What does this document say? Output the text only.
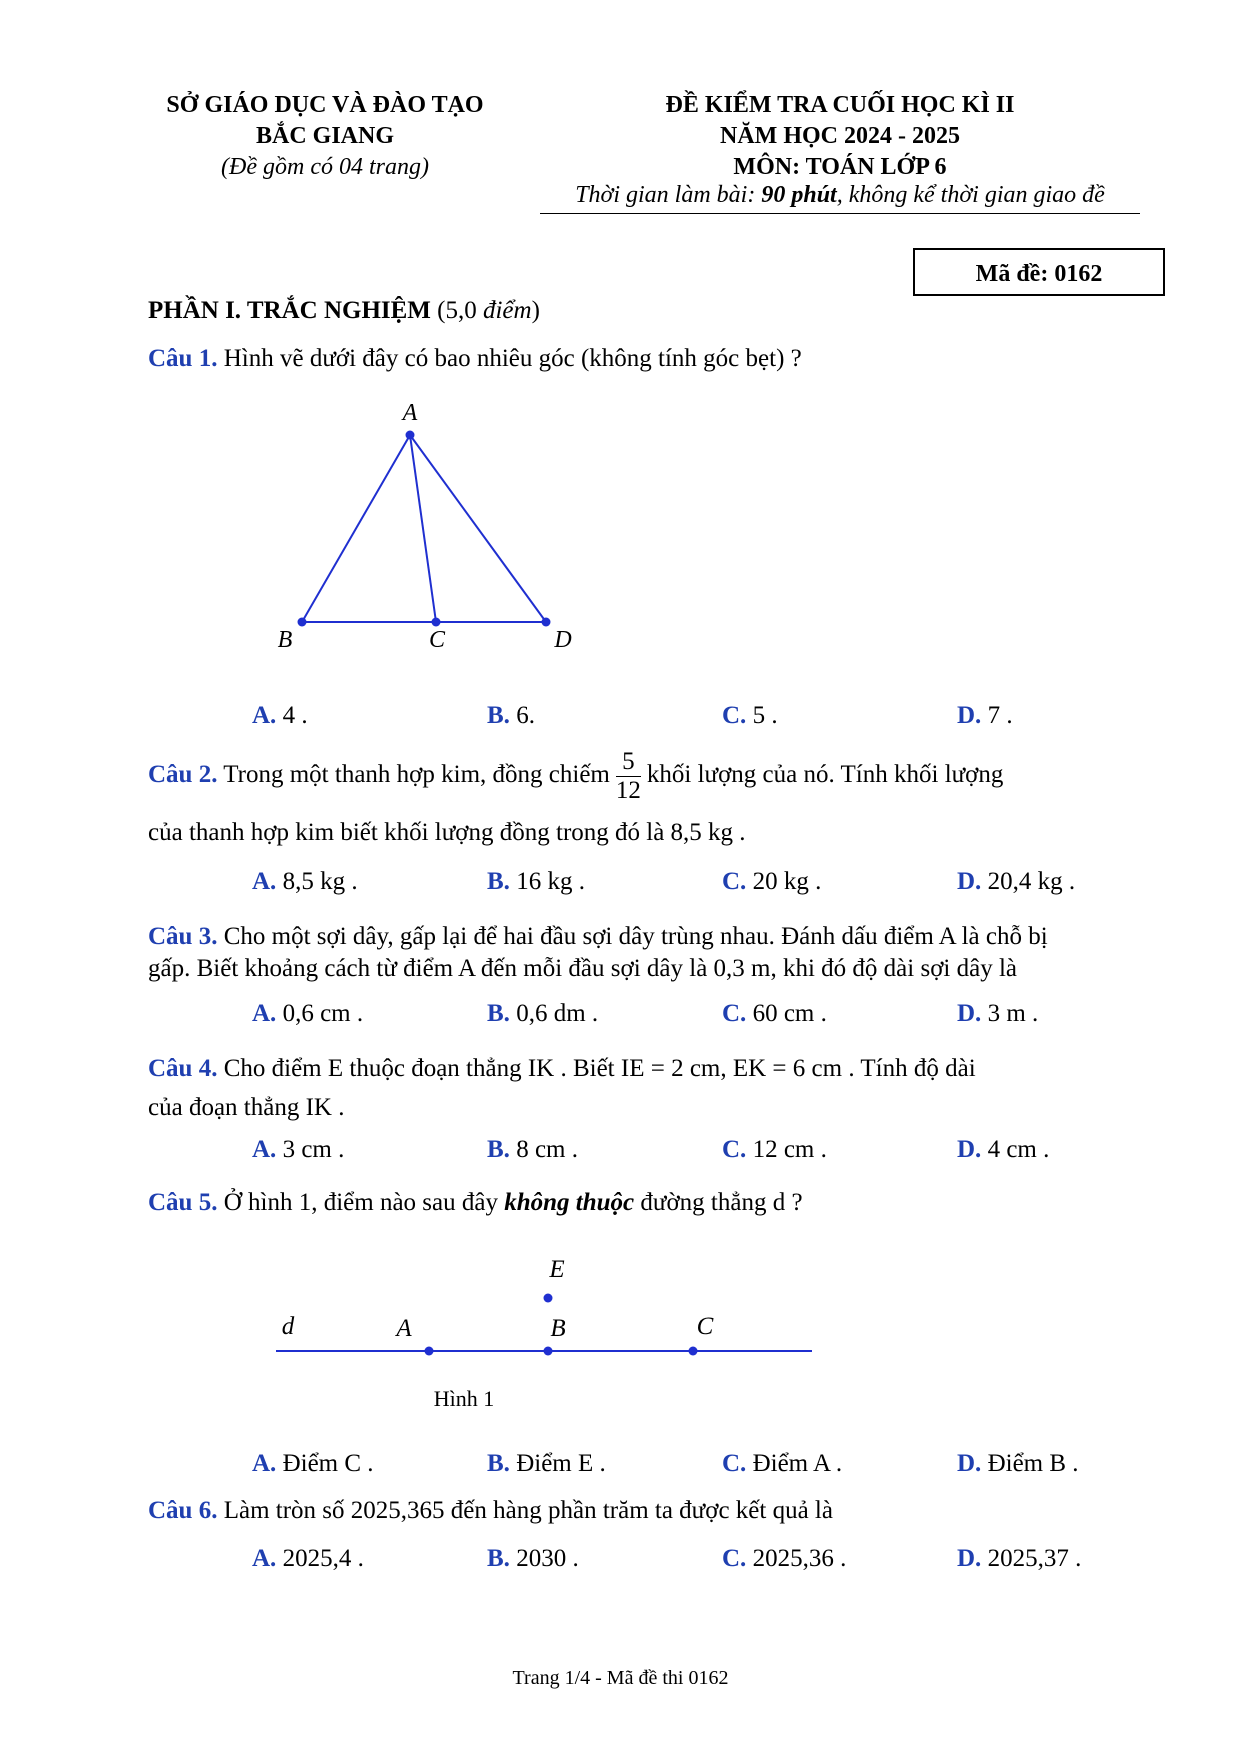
SỞ GIÁO DỤC VÀ ĐÀO TẠO
BẮC GIANG
(Đề gồm có 04 trang)
ĐỀ KIỂM TRA CUỐI HỌC KÌ II
NĂM HỌC 2024 - 2025
MÔN: TOÁN LỚP 6
Thời gian làm bài: 90 phút, không kể thời gian giao đề
Mã đề: 0162
PHẦN I. TRẮC NGHIỆM (5,0 điểm)
Câu 1. Hình vẽ dưới đây có bao nhiêu góc (không tính góc bẹt) ?
A
B	C	D
A. 4 .	B. 6.	C. 5 .	D. 7 .
Câu 2. Trong một thanh hợp kim, đồng chiếm $\frac{5}{12}$ khối lượng của nó. Tính khối lượng
của thanh hợp kim biết khối lượng đồng trong đó là 8,5 kg .
A. 8,5 kg .	B. 16 kg .	C. 20 kg .	D. 20,4 kg .
Câu 3. Cho một sợi dây, gấp lại để hai đầu sợi dây trùng nhau. Đánh dấu điểm A là chỗ bị
gấp. Biết khoảng cách từ điểm A đến mỗi đầu sợi dây là 0,3 m, khi đó độ dài sợi dây là
A. 0,6 cm .	B. 0,6 dm .	C. 60 cm .	D. 3 m .
Câu 4. Cho điểm E thuộc đoạn thẳng IK . Biết IE = 2 cm, EK = 6 cm . Tính độ dài
của đoạn thẳng IK .
A. 3 cm .	B. 8 cm .	C. 12 cm .	D. 4 cm .
Câu 5. Ở hình 1, điểm nào sau đây không thuộc đường thẳng d ?
d	A	B	C
E
Hình 1
A. Điểm C .	B. Điểm E .	C. Điểm A .	D. Điểm B .
Câu 6. Làm tròn số 2025,365 đến hàng phần trăm ta được kết quả là
A. 2025,4 .	B. 2030 .	C. 2025,36 .	D. 2025,37 .
Trang 1/4 - Mã đề thi 0162
